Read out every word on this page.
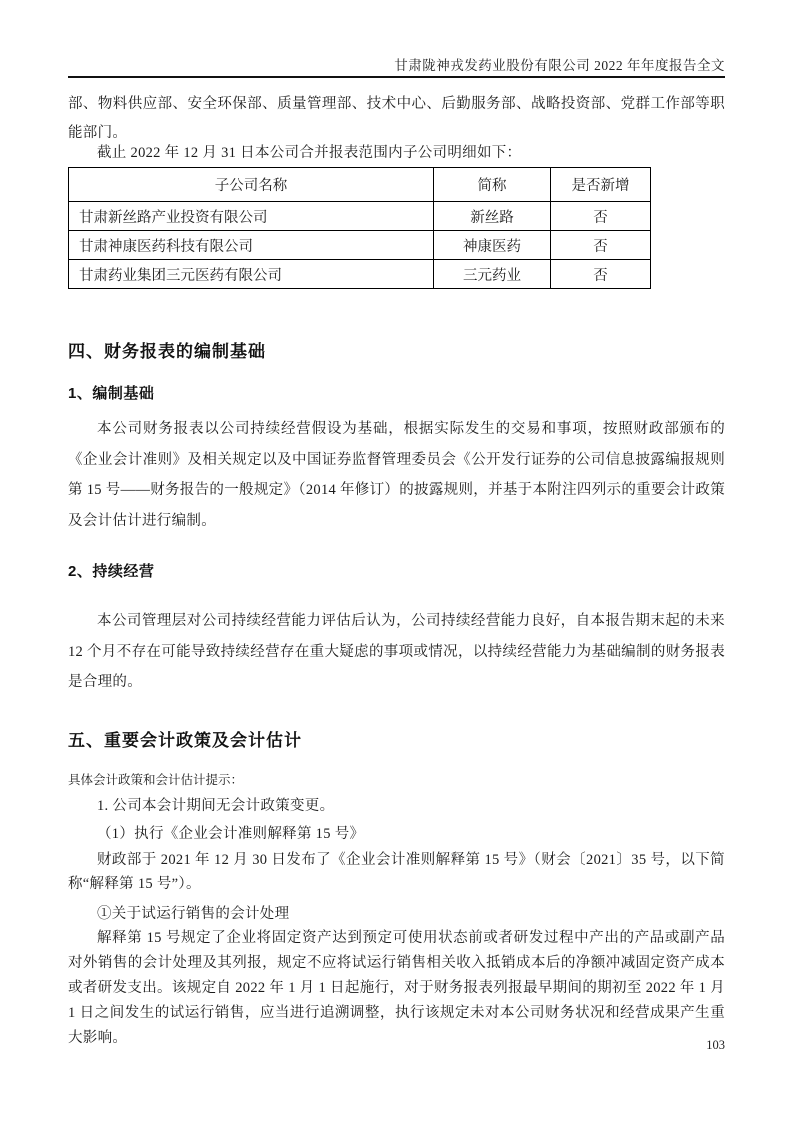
甘肃陇神戎发药业股份有限公司 2022 年年度报告全文

部、物料供应部、安全环保部、质量管理部、技术中心、后勤服务部、战略投资部、党群工作部等职能部门。

截止 2022 年 12 月 31 日本公司合并报表范围内子公司明细如下：

子公司名称	简称	是否新增
甘肃新丝路产业投资有限公司	新丝路	否
甘肃神康医药科技有限公司	神康医药	否
甘肃药业集团三元医药有限公司	三元药业	否
四、财务报表的编制基础
1、编制基础

本公司财务报表以公司持续经营假设为基础，根据实际发生的交易和事项，按照财政部颁布的《企业会计准则》及相关规定以及中国证券监督管理委员会《公开发行证券的公司信息披露编报规则第 15 号——财务报告的一般规定》（2014 年修订）的披露规则，并基于本附注四列示的重要会计政策及会计估计进行编制。

2、持续经营

本公司管理层对公司持续经营能力评估后认为，公司持续经营能力良好，自本报告期末起的未来 12 个月不存在可能导致持续经营存在重大疑虑的事项或情况，以持续经营能力为基础编制的财务报表是合理的。

五、重要会计政策及会计估计

具体会计政策和会计估计提示：

1. 公司本会计期间无会计政策变更。

（1）执行《企业会计准则解释第 15 号》

财政部于 2021 年 12 月 30 日发布了《企业会计准则解释第 15 号》（财会〔2021〕35 号，以下简称“解释第 15 号”）。

①关于试运行销售的会计处理

解释第 15 号规定了企业将固定资产达到预定可使用状态前或者研发过程中产出的产品或副产品对外销售的会计处理及其列报，规定不应将试运行销售相关收入抵销成本后的净额冲减固定资产成本或者研发支出。该规定自 2022 年 1 月 1 日起施行，对于财务报表列报最早期间的期初至 2022 年 1 月 1 日之间发生的试运行销售，应当进行追溯调整，执行该规定未对本公司财务状况和经营成果产生重大影响。	103
